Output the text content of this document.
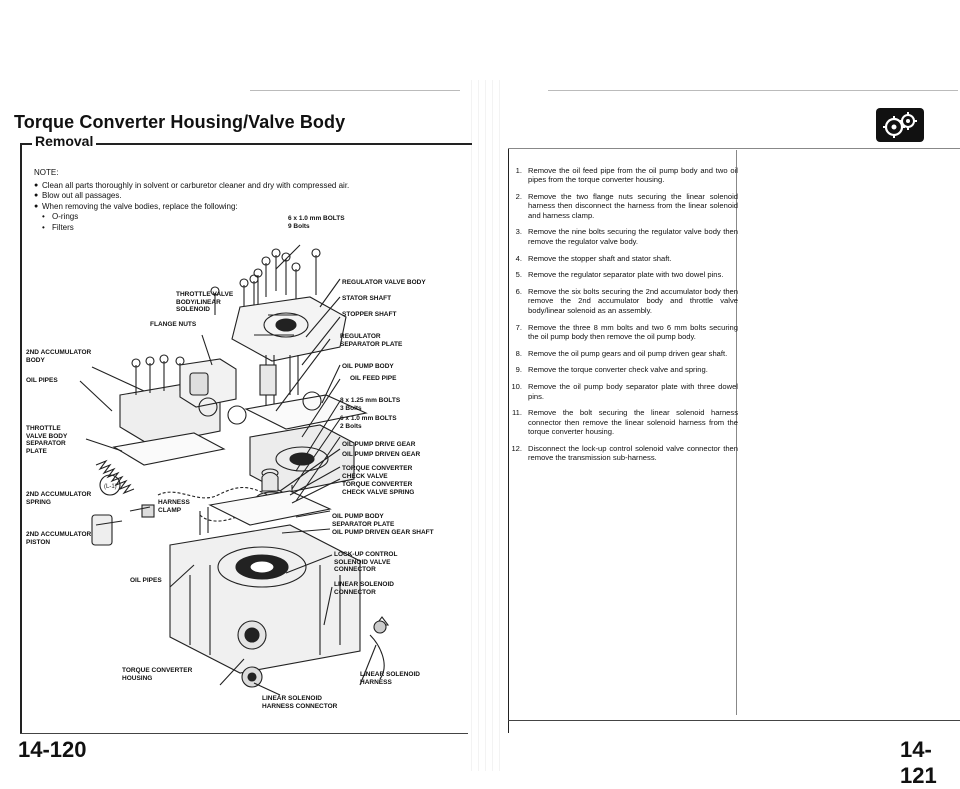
Torque Converter Housing/Valve Body
Removal
NOTE:
● Clean all parts thoroughly in solvent or carburetor cleaner and dry with compressed air.
● Blow out all passages.
● When removing the valve bodies, replace the following:
• O-rings
• Filters
(L-1)
6 x 1.0 mm BOLTS
9 Bolts
REGULATOR VALVE BODY
THROTTLE VALVE
BODY/LINEAR
SOLENOID
STATOR SHAFT
STOPPER SHAFT
FLANGE NUTS
REGULATOR
SEPARATOR PLATE
2ND ACCUMULATOR
BODY
OIL PUMP BODY
OIL PIPES	OIL FEED PIPE
8 x 1.25 mm BOLTS
3 Bolts
6 x 1.0 mm BOLTS
2 Bolts
THROTTLE
VALVE BODY
SEPARATOR
PLATE
OIL PUMP DRIVE GEAR
OIL PUMP DRIVEN GEAR
TORQUE CONVERTER
CHECK VALVE
TORQUE CONVERTER
CHECK VALVE SPRING
2ND ACCUMULATOR
SPRING	HARNESS
CLAMP
OIL PUMP BODY
SEPARATOR PLATE
OIL PUMP DRIVEN GEAR SHAFT
2ND ACCUMULATOR
PISTON
LOCK-UP CONTROL
SOLENOID VALVE
CONNECTOR
OIL PIPES
LINEAR SOLENOID
CONNECTOR
TORQUE CONVERTER
HOUSING	LINEAR SOLENOID
HARNESS
LINEAR SOLENOID
HARNESS CONNECTOR
14-120
1. Remove the oil feed pipe from the oil pump body and two oil pipes from the torque converter housing.
2. Remove the two flange nuts securing the linear solenoid harness then disconnect the harness from the linear solenoid and harness clamp.
3. Remove the nine bolts securing the regulator valve body then remove the regulator valve body.
4. Remove the stopper shaft and stator shaft.
5. Remove the regulator separator plate with two dowel pins.
6. Remove the six bolts securing the 2nd accumulator body then remove the 2nd accumulator body and throttle valve body/linear solenoid as an assembly.
7. Remove the three 8 mm bolts and two 6 mm bolts securing the oil pump body then remove the oil pump body.
8. Remove the oil pump gears and oil pump driven gear shaft.
9. Remove the torque converter check valve and spring.
10. Remove the oil pump body separator plate with three dowel pins.
11. Remove the bolt securing the linear solenoid harness connector then remove the linear solenoid harness from the torque converter housing.
12. Disconnect the lock-up control solenoid valve connector then remove the transmission sub-harness.
14-121
